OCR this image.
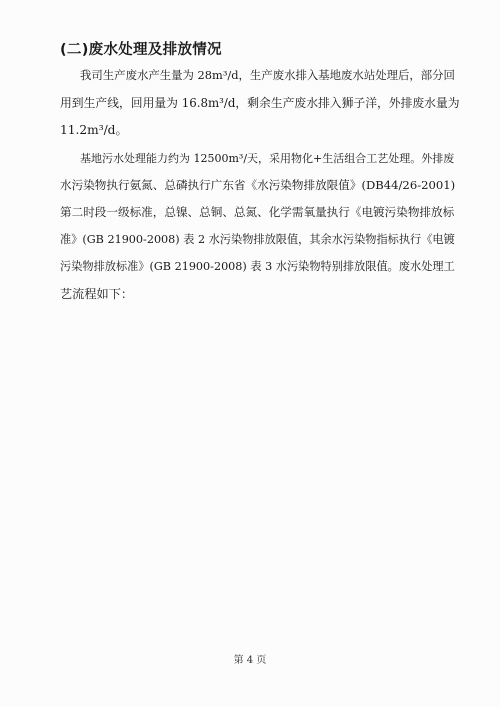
(二)废水处理及排放情况
我司生产废水产生量为 28m³/d，生产废水排入基地废水站处理后，部分回
用到生产线，回用量为 16.8m³/d，剩余生产废水排入狮子洋，外排废水量为
11.2m³/d。
基地污水处理能力约为 12500m³/天，采用物化+生活组合工艺处理。外排废
水污染物执行氨氮、总磷执行广东省《水污染物排放限值》(DB44/26-2001)
第二时段一级标准，总镍、总铜、总氮、化学需氧量执行《电镀污染物排放标
准》(GB 21900-2008) 表 2 水污染物排放限值，其余水污染物指标执行《电镀
污染物排放标准》(GB 21900-2008) 表 3 水污染物特别排放限值。废水处理工
艺流程如下：
第 4 页
